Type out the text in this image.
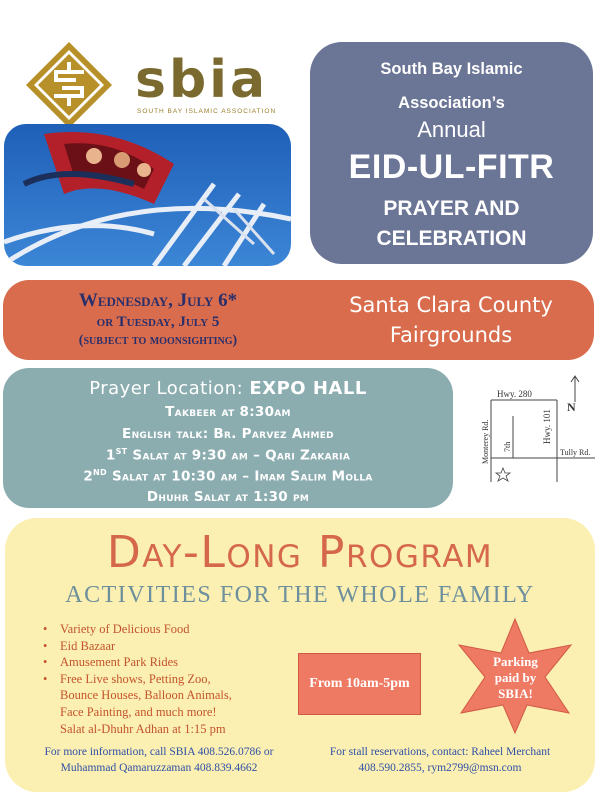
sbia
SOUTH BAY ISLAMIC ASSOCIATION
South Bay Islamic
Association’s
Annual
EID-UL-FITR
PRAYER AND
CELEBRATION
Wednesday, July 6*
or Tuesday, July 5
(subject to moonsighting)
Santa Clara County
Fairgrounds
Prayer Location: EXPO HALL
Takbeer at 8:30am
English talk: Br. Parvez Ahmed
1ST Salat at 9:30 am – Qari Zakaria
2ND Salat at 10:30 am – Imam Salim Molla
Dhuhr Salat at 1:30 pm
Hwy. 280
Hwy. 101
Monterey Rd. 7th
Tully Rd.
N
Day-Long Program
ACTIVITIES FOR THE WHOLE FAMILY
• Variety of Delicious Food
• Eid Bazaar
• Amusement Park Rides
• Free Live shows, Petting Zoo,
Bounce Houses, Balloon Animals,
Face Painting, and much more!
Salat al-Dhuhr Adhan at 1:15 pm
From 10am-5pm
Parking
paid by
SBIA!
For more information, call SBIA 408.526.0786 or
Muhammad Qamaruzzaman 408.839.4662
For stall reservations, contact: Raheel Merchant
408.590.2855, rym2799@msn.com
